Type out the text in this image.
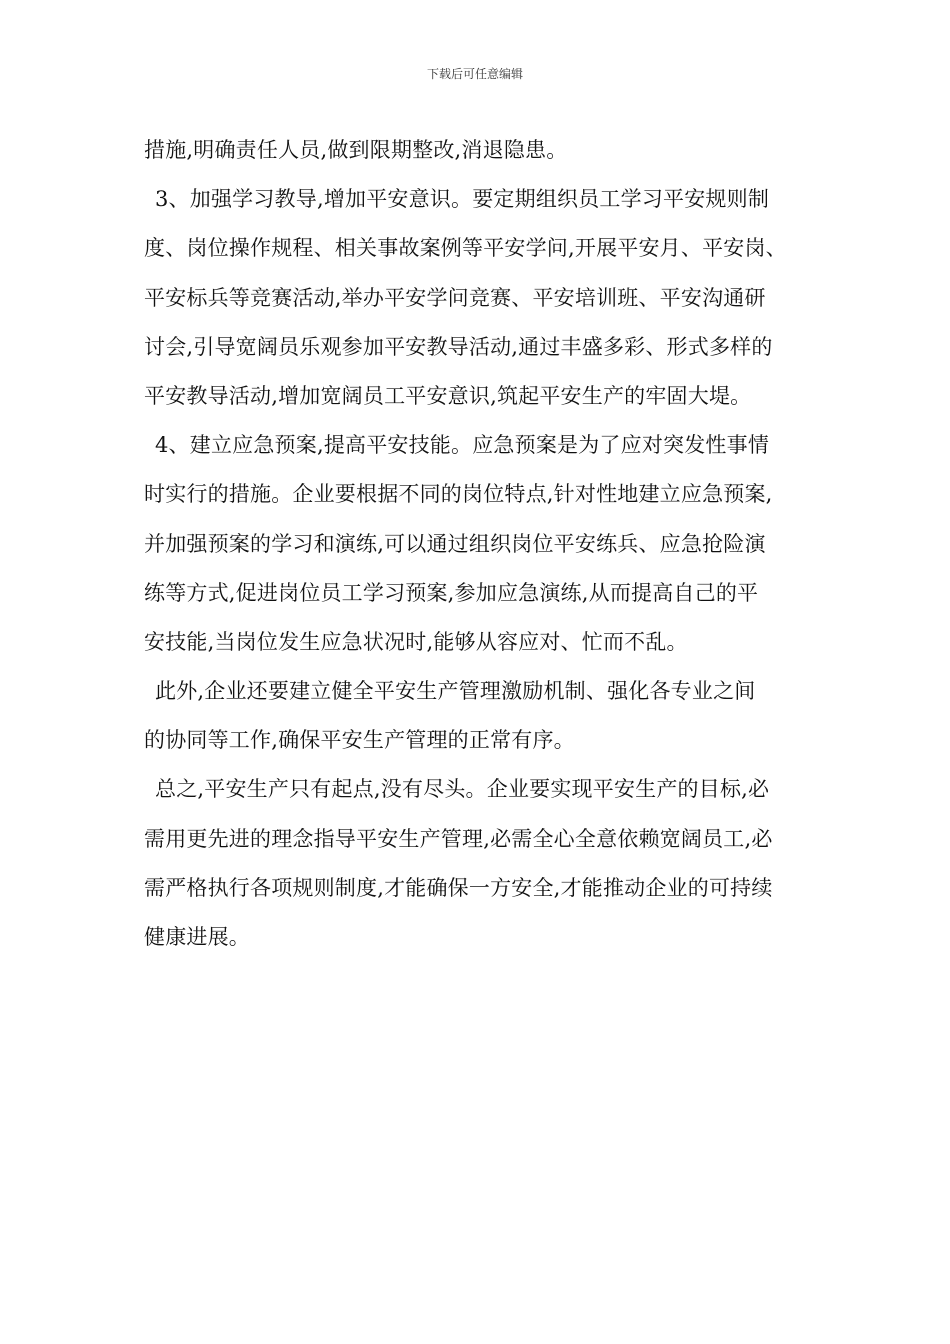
下载后可任意编辑
措施,明确责任人员,做到限期整改,消退隐患。
3、加强学习教导,增加平安意识。要定期组织员工学习平安规则制
度、岗位操作规程、相关事故案例等平安学问,开展平安月、平安岗、
平安标兵等竞赛活动,举办平安学问竞赛、平安培训班、平安沟通研
讨会,引导宽阔员乐观参加平安教导活动,通过丰盛多彩、形式多样的
平安教导活动,增加宽阔员工平安意识,筑起平安生产的牢固大堤。
4、建立应急预案,提高平安技能。应急预案是为了应对突发性事情
时实行的措施。企业要根据不同的岗位特点,针对性地建立应急预案,
并加强预案的学习和演练,可以通过组织岗位平安练兵、应急抢险演
练等方式,促进岗位员工学习预案,参加应急演练,从而提高自己的平
安技能,当岗位发生应急状况时,能够从容应对、忙而不乱。
此外,企业还要建立健全平安生产管理激励机制、强化各专业之间
的协同等工作,确保平安生产管理的正常有序。
总之,平安生产只有起点,没有尽头。企业要实现平安生产的目标,必
需用更先进的理念指导平安生产管理,必需全心全意依赖宽阔员工,必
需严格执行各项规则制度,才能确保一方安全,才能推动企业的可持续
健康进展。
